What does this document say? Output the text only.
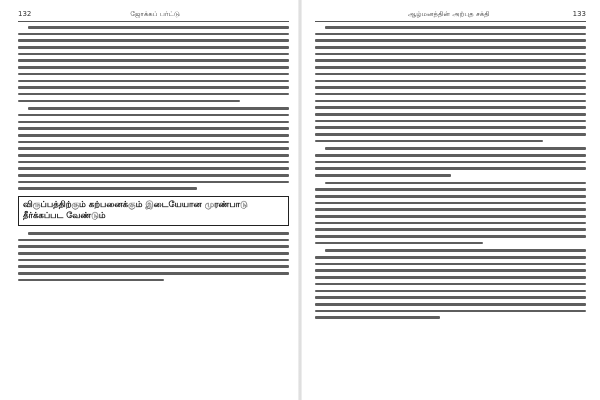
132	ஜோக்கப் பர்ட்டு
விருப்பத்திற்கும் கற்பனைக்கும் இடையேயான முரண்பாடு
தீர்க்கப்பட வேண்டும்
ஆழ்மனத்தின் அற்புத சக்தி	133
